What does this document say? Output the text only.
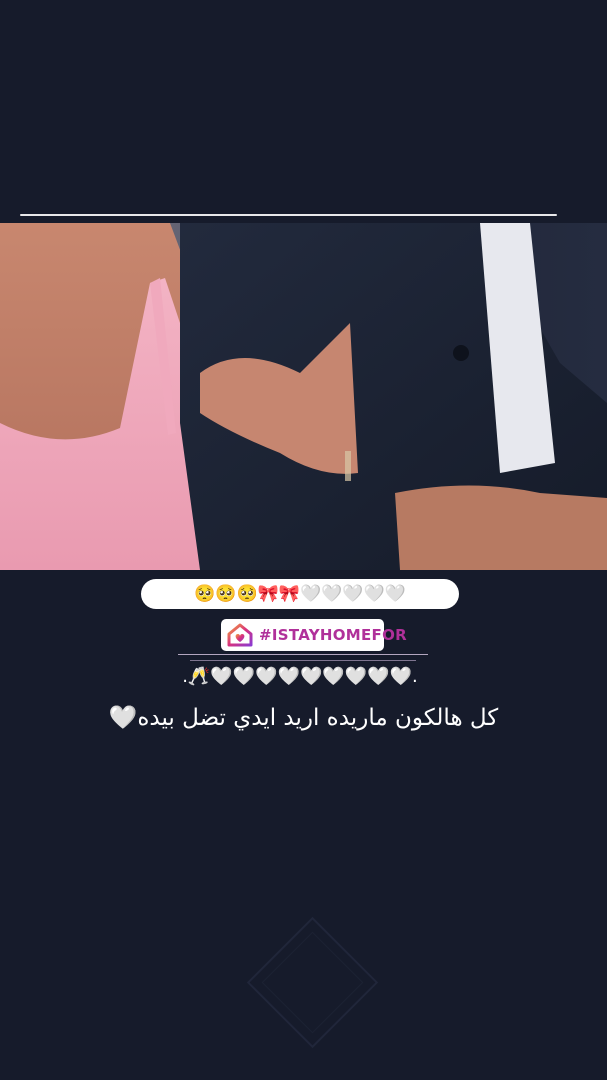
🥺🥺🥺🎀🎀🤍🤍🤍🤍🤍
#ISTAYHOMEFOR
.🥂🤍🤍🤍🤍🤍🤍🤍🤍🤍.
كل هالكون ماريده اريد ايدي تضل بيده🤍
